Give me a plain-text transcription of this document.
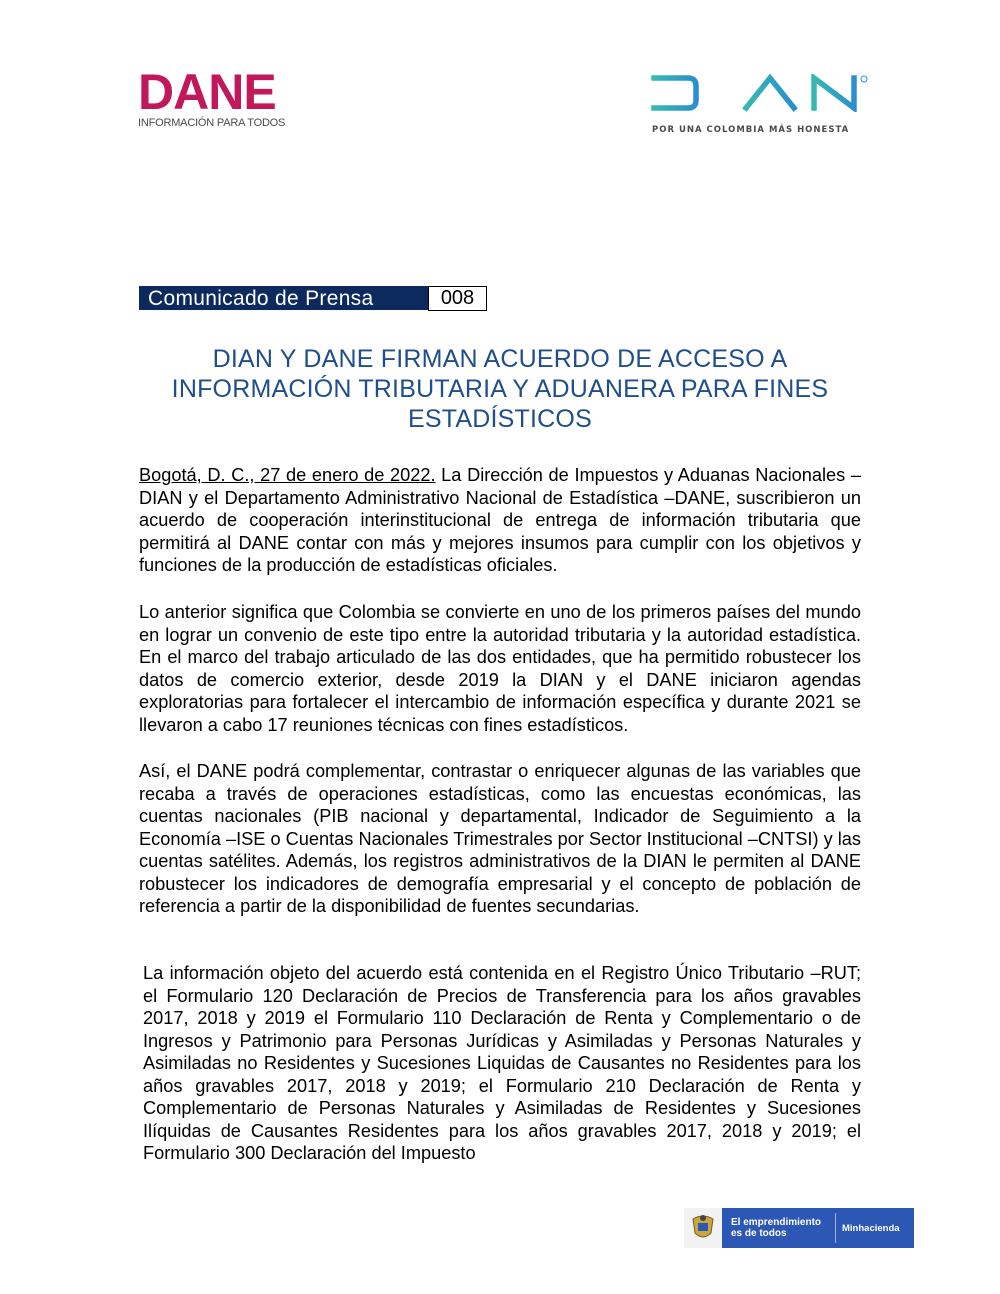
DANE
INFORMACIÓN PARA TODOS
POR UNA COLOMBIA MÁS HONESTA
Comunicado de Prensa	008
DIAN Y DANE FIRMAN ACUERDO DE ACCESO A INFORMACIÓN TRIBUTARIA Y ADUANERA PARA FINES ESTADÍSTICOS

Bogotá, D. C., 27 de enero de 2022. La Dirección de Impuestos y Aduanas Nacionales –DIAN y el Departamento Administrativo Nacional de Estadística –DANE, suscribieron un acuerdo de cooperación interinstitucional de entrega de información tributaria que permitirá al DANE contar con más y mejores insumos para cumplir con los objetivos y funciones de la producción de estadísticas oficiales.

Lo anterior significa que Colombia se convierte en uno de los primeros países del mundo en lograr un convenio de este tipo entre la autoridad tributaria y la autoridad estadística. En el marco del trabajo articulado de las dos entidades, que ha permitido robustecer los datos de comercio exterior, desde 2019 la DIAN y el DANE iniciaron agendas exploratorias para fortalecer el intercambio de información específica y durante 2021 se llevaron a cabo 17 reuniones técnicas con fines estadísticos.

Así, el DANE podrá complementar, contrastar o enriquecer algunas de las variables que recaba a través de operaciones estadísticas, como las encuestas económicas, las cuentas nacionales (PIB nacional y departamental, Indicador de Seguimiento a la Economía –ISE o Cuentas Nacionales Trimestrales por Sector Institucional –CNTSI) y las cuentas satélites. Además, los registros administrativos de la DIAN le permiten al DANE robustecer los indicadores de demografía empresarial y el concepto de población de referencia a partir de la disponibilidad de fuentes secundarias.

La información objeto del acuerdo está contenida en el Registro Único Tributario –RUT; el Formulario 120 Declaración de Precios de Transferencia para los años gravables 2017, 2018 y 2019 el Formulario 110 Declaración de Renta y Complementario o de Ingresos y Patrimonio para Personas Jurídicas y Asimiladas y Personas Naturales y Asimiladas no Residentes y Sucesiones Liquidas de Causantes no Residentes para los años gravables 2017, 2018 y 2019; el Formulario 210 Declaración de Renta y Complementario de Personas Naturales y Asimiladas de Residentes y Sucesiones Ilíquidas de Causantes Residentes para los años gravables 2017, 2018 y 2019; el Formulario 300 Declaración del Impuesto

El emprendimiento
es de todos	Minhacienda
